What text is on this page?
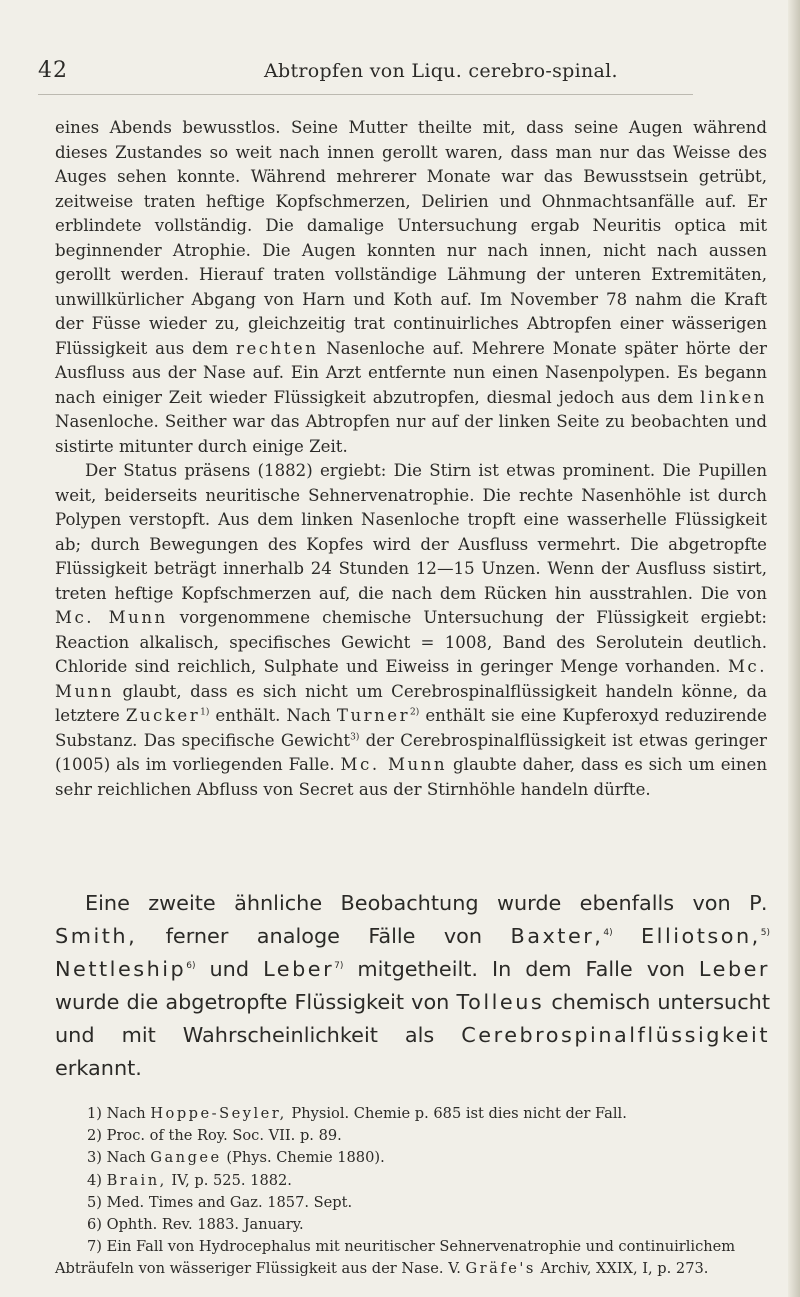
42	Abtropfen von Liqu. cerebro-spinal.

eines Abends bewusstlos. Seine Mutter theilte mit, dass seine Augen während dieses Zustandes so weit nach innen gerollt waren, dass man nur das Weisse des Auges sehen konnte. Während mehrerer Monate war das Bewusstsein getrübt, zeitweise traten heftige Kopfschmerzen, Delirien und Ohnmachtsanfälle auf. Er erblindete vollständig. Die damalige Untersuchung ergab Neuritis optica mit beginnender Atrophie. Die Augen konnten nur nach innen, nicht nach aussen gerollt werden. Hierauf traten vollständige Lähmung der unteren Extremitäten, unwillkürlicher Abgang von Harn und Koth auf. Im November 78 nahm die Kraft der Füsse wieder zu, gleichzeitig trat continuirliches Abtropfen einer wässerigen Flüssigkeit aus dem rechten Nasenloche auf. Mehrere Monate später hörte der Ausfluss aus der Nase auf. Ein Arzt entfernte nun einen Nasenpolypen. Es begann nach einiger Zeit wieder Flüssigkeit abzutropfen, diesmal jedoch aus dem linken Nasenloche. Seither war das Abtropfen nur auf der linken Seite zu beobachten und sistirte mitunter durch einige Zeit.

Der Status präsens (1882) ergiebt: Die Stirn ist etwas prominent. Die Pupillen weit, beiderseits neuritische Sehnervenatrophie. Die rechte Nasenhöhle ist durch Polypen verstopft. Aus dem linken Nasenloche tropft eine wasserhelle Flüssigkeit ab; durch Bewegungen des Kopfes wird der Ausfluss vermehrt. Die abgetropfte Flüssigkeit beträgt innerhalb 24 Stunden 12—15 Unzen. Wenn der Ausfluss sistirt, treten heftige Kopfschmerzen auf, die nach dem Rücken hin ausstrahlen. Die von Mc. Munn vorgenommene chemische Untersuchung der Flüssigkeit ergiebt: Reaction alkalisch, specifisches Gewicht = 1008, Band des Serolutein deutlich. Chloride sind reichlich, Sulphate und Eiweiss in geringer Menge vorhanden. Mc. Munn glaubt, dass es sich nicht um Cerebrospinalflüssigkeit handeln könne, da letztere Zucker$^{1)}$ enthält. Nach Turner$^{2)}$ enthält sie eine Kupferoxyd reduzirende Substanz. Das specifische Gewicht$^{3)}$ der Cerebrospinalflüssigkeit ist etwas geringer (1005) als im vorliegenden Falle. Mc. Munn glaubte daher, dass es sich um einen sehr reichlichen Abfluss von Secret aus der Stirnhöhle handeln dürfte.

Eine zweite ähnliche Beobachtung wurde ebenfalls von P. Smith, ferner analoge Fälle von Baxter,$^{4)}$ Elliotson,$^{5)}$ Nettleship$^{6)}$ und Leber$^{7)}$ mitgetheilt. In dem Falle von Leber wurde die abgetropfte Flüssigkeit von Tolleus chemisch untersucht und mit Wahrscheinlichkeit als Cerebrospinalflüssigkeit erkannt.

1) Nach Hoppe-Seyler, Physiol. Chemie p. 685 ist dies nicht der Fall.

2) Proc. of the Roy. Soc. VII. p. 89.

3) Nach Gangee (Phys. Chemie 1880).

4) Brain, IV, p. 525. 1882.

5) Med. Times and Gaz. 1857. Sept.

6) Ophth. Rev. 1883. January.

7) Ein Fall von Hydrocephalus mit neuritischer Sehnervenatrophie und continuirlichem Abträufeln von wässeriger Flüssigkeit aus der Nase. V. Gräfe's Archiv, XXIX, I, p. 273.
